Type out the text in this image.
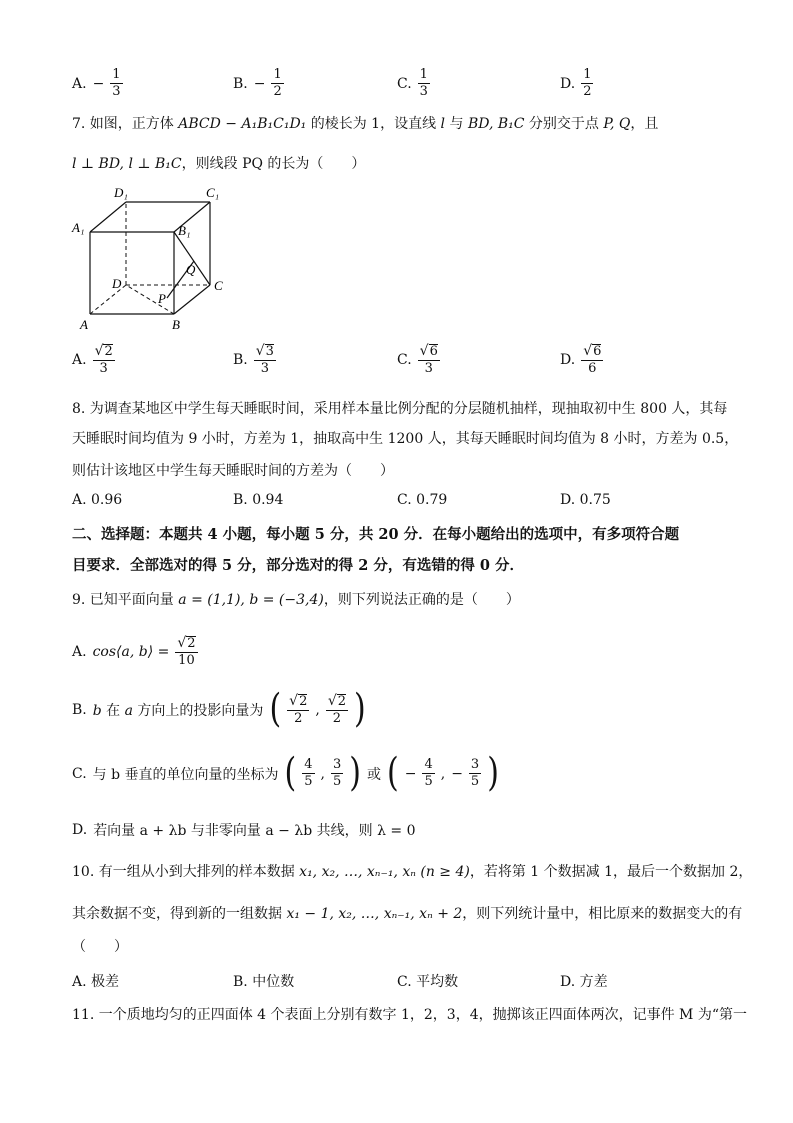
A. − $\frac{1}{3}$	B. − $\frac{1}{2}$	C. $\frac{1}{3}$	D. $\frac{1}{2}$
7. 如图，正方体 ABCD − A₁B₁C₁D₁ 的棱长为 1，设直线 l 与 BD, B₁C 分别交于点 P, Q，且
l ⊥ BD, l ⊥ B₁C，则线段 PQ 的长为（　　）
D₁	C₁
A₁	B₁
Q
D	C
P
A	B
A. $\frac{√ 2}{3}$	B. $\frac{√ 3}{3}$	C. $\frac{√ 6}{3}$	D. $\frac{√ 6}{6}$
8. 为调查某地区中学生每天睡眠时间，采用样本量比例分配的分层随机抽样，现抽取初中生 800 人，其每
天睡眠时间均值为 9 小时，方差为 1，抽取高中生 1200 人，其每天睡眠时间均值为 8 小时，方差为 0.5，
则估计该地区中学生每天睡眠时间的方差为（　　）
A. 0.96	B. 0.94	C. 0.79	D. 0.75
二、选择题：本题共 4 小题，每小题 5 分，共 20 分．在每小题给出的选项中，有多项符合题
目要求．全部选对的得 5 分，部分选对的得 2 分，有选错的得 0 分．
9. 已知平面向量 a = (1,1), b = (−3,4)，则下列说法正确的是（　　）
A. cos⟨a, b⟩ = $\frac{√ 2}{10}$
B. b 在 a 方向上的投影向量为 ( $\frac{√ 2}{2}$ , $\frac{√ 2}{2}$ )
C. 与 b 垂直的单位向量的坐标为 ( $\frac{4}{5}$ , $\frac{3}{5}$ ) 或 ( − $\frac{4}{5}$ , − $\frac{3}{5}$ )
D. 若向量 a + λb 与非零向量 a − λb 共线，则 λ = 0
10. 有一组从小到大排列的样本数据 x₁, x₂, …, xₙ₋₁, xₙ (n ≥ 4)，若将第 1 个数据减 1，最后一个数据加 2，
其余数据不变，得到新的一组数据 x₁ − 1, x₂, …, xₙ₋₁, xₙ + 2，则下列统计量中，相比原来的数据变大的有
（　　）
A. 极差	B. 中位数	C. 平均数	D. 方差
11. 一个质地均匀的正四面体 4 个表面上分别有数字 1，2，3，4，抛掷该正四面体两次，记事件 M 为“第一
